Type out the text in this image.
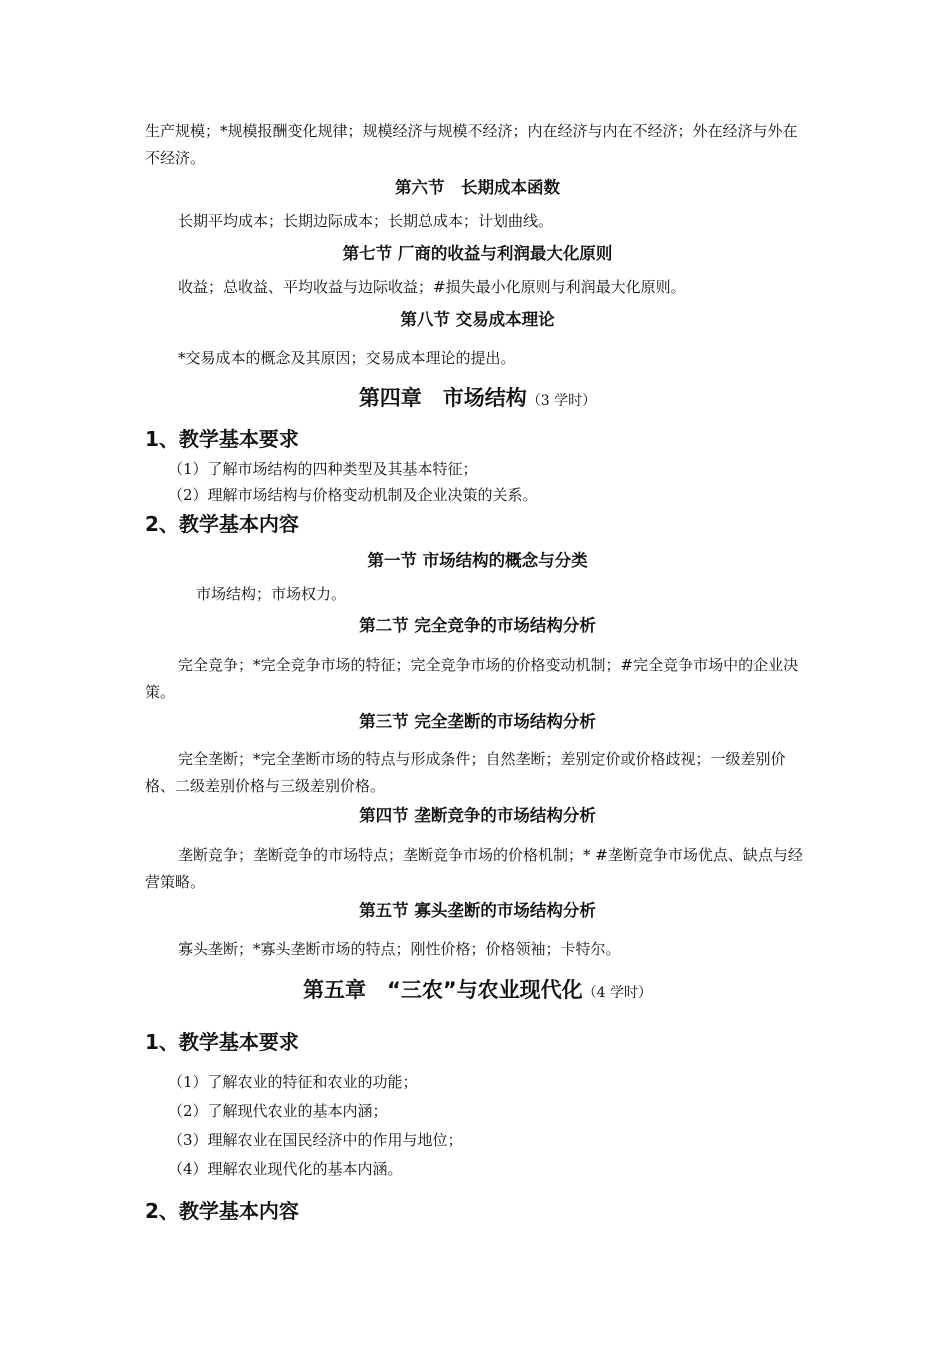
生产规模；*规模报酬变化规律；规模经济与规模不经济；内在经济与内在不经济；外在经济与外在不经济。

第六节　长期成本函数

长期平均成本；长期边际成本；长期总成本；计划曲线。

第七节 厂商的收益与利润最大化原则

收益；总收益、平均收益与边际收益；#损失最小化原则与利润最大化原则。

第八节 交易成本理论

*交易成本的概念及其原因；交易成本理论的提出。

第四章　市场结构（3 学时）

1、教学基本要求

（1）了解市场结构的四种类型及其基本特征；

（2）理解市场结构与价格变动机制及企业决策的关系。

2、教学基本内容

第一节 市场结构的概念与分类

市场结构；市场权力。

第二节 完全竞争的市场结构分析

完全竞争；*完全竞争市场的特征；完全竞争市场的价格变动机制；#完全竞争市场中的企业决策。

第三节 完全垄断的市场结构分析

完全垄断；*完全垄断市场的特点与形成条件；自然垄断；差别定价或价格歧视；一级差别价格、二级差别价格与三级差别价格。

第四节 垄断竞争的市场结构分析

垄断竞争；垄断竞争的市场特点；垄断竞争市场的价格机制；* #垄断竞争市场优点、缺点与经营策略。

第五节 寡头垄断的市场结构分析

寡头垄断；*寡头垄断市场的特点；刚性价格；价格领袖；卡特尔。

第五章　“三农”与农业现代化（4 学时）

1、教学基本要求

（1）了解农业的特征和农业的功能；

（2）了解现代农业的基本内涵；

（3）理解农业在国民经济中的作用与地位；

（4）理解农业现代化的基本内涵。

2、教学基本内容
